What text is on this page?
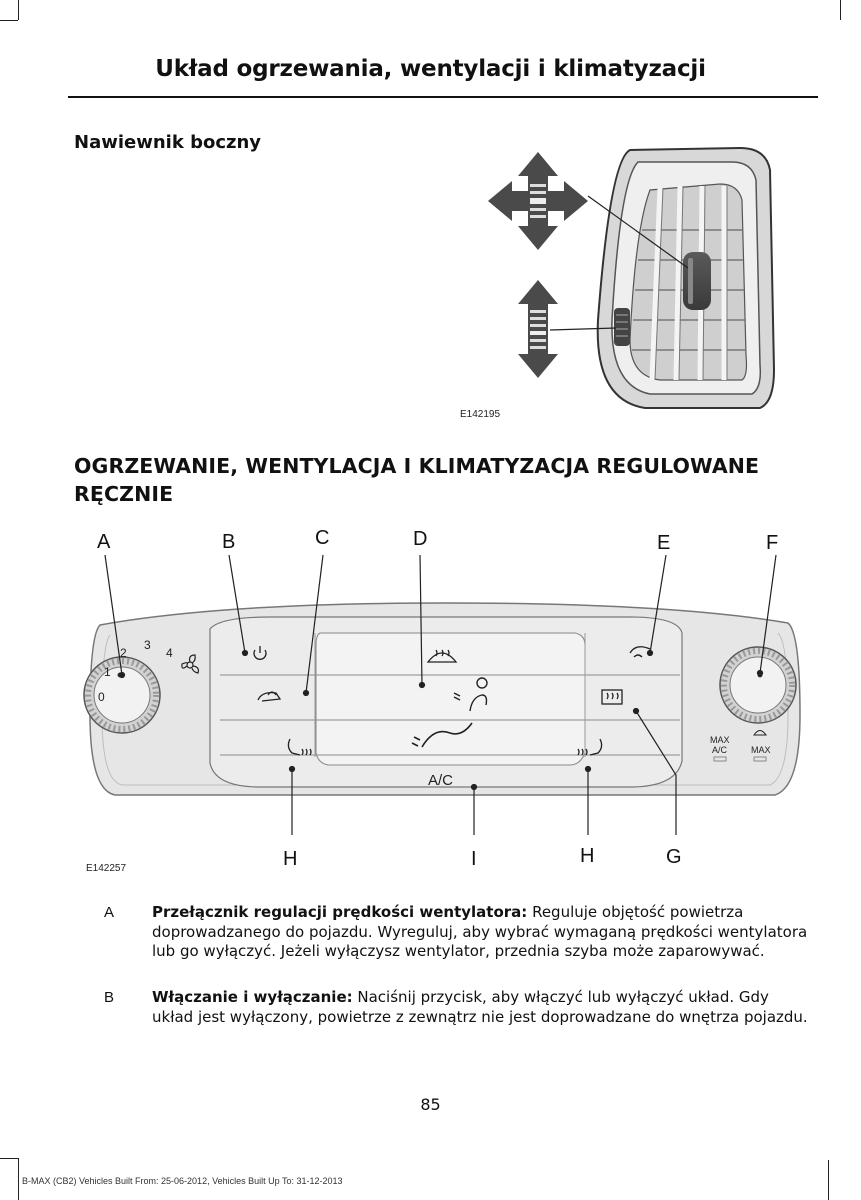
Układ ogrzewania, wentylacji i klimatyzacji
Nawiewnik boczny
E142195
OGRZEWANIE, WENTYLACJA I KLIMATYZACJA REGULOWANE RĘCZNIE
0
1
2
3
4
MAX
A/C	MAX
A/C
A	B	C	D	E	F
H	I	H	G
E142257
A	Przełącznik regulacji prędkości wentylatora: Reguluje objętość powietrza doprowadzanego do pojazdu. Wyreguluj, aby wybrać wymaganą prędkości wentylatora lub go wyłączyć. Jeżeli wyłączysz wentylator, przednia szyba może zaparowywać.
B	Włączanie i wyłączanie: Naciśnij przycisk, aby włączyć lub wyłączyć układ. Gdy układ jest wyłączony, powietrze z zewnątrz nie jest doprowadzane do wnętrza pojazdu.
85
B-MAX (CB2) Vehicles Built From: 25-06-2012, Vehicles Built Up To: 31-12-2013
